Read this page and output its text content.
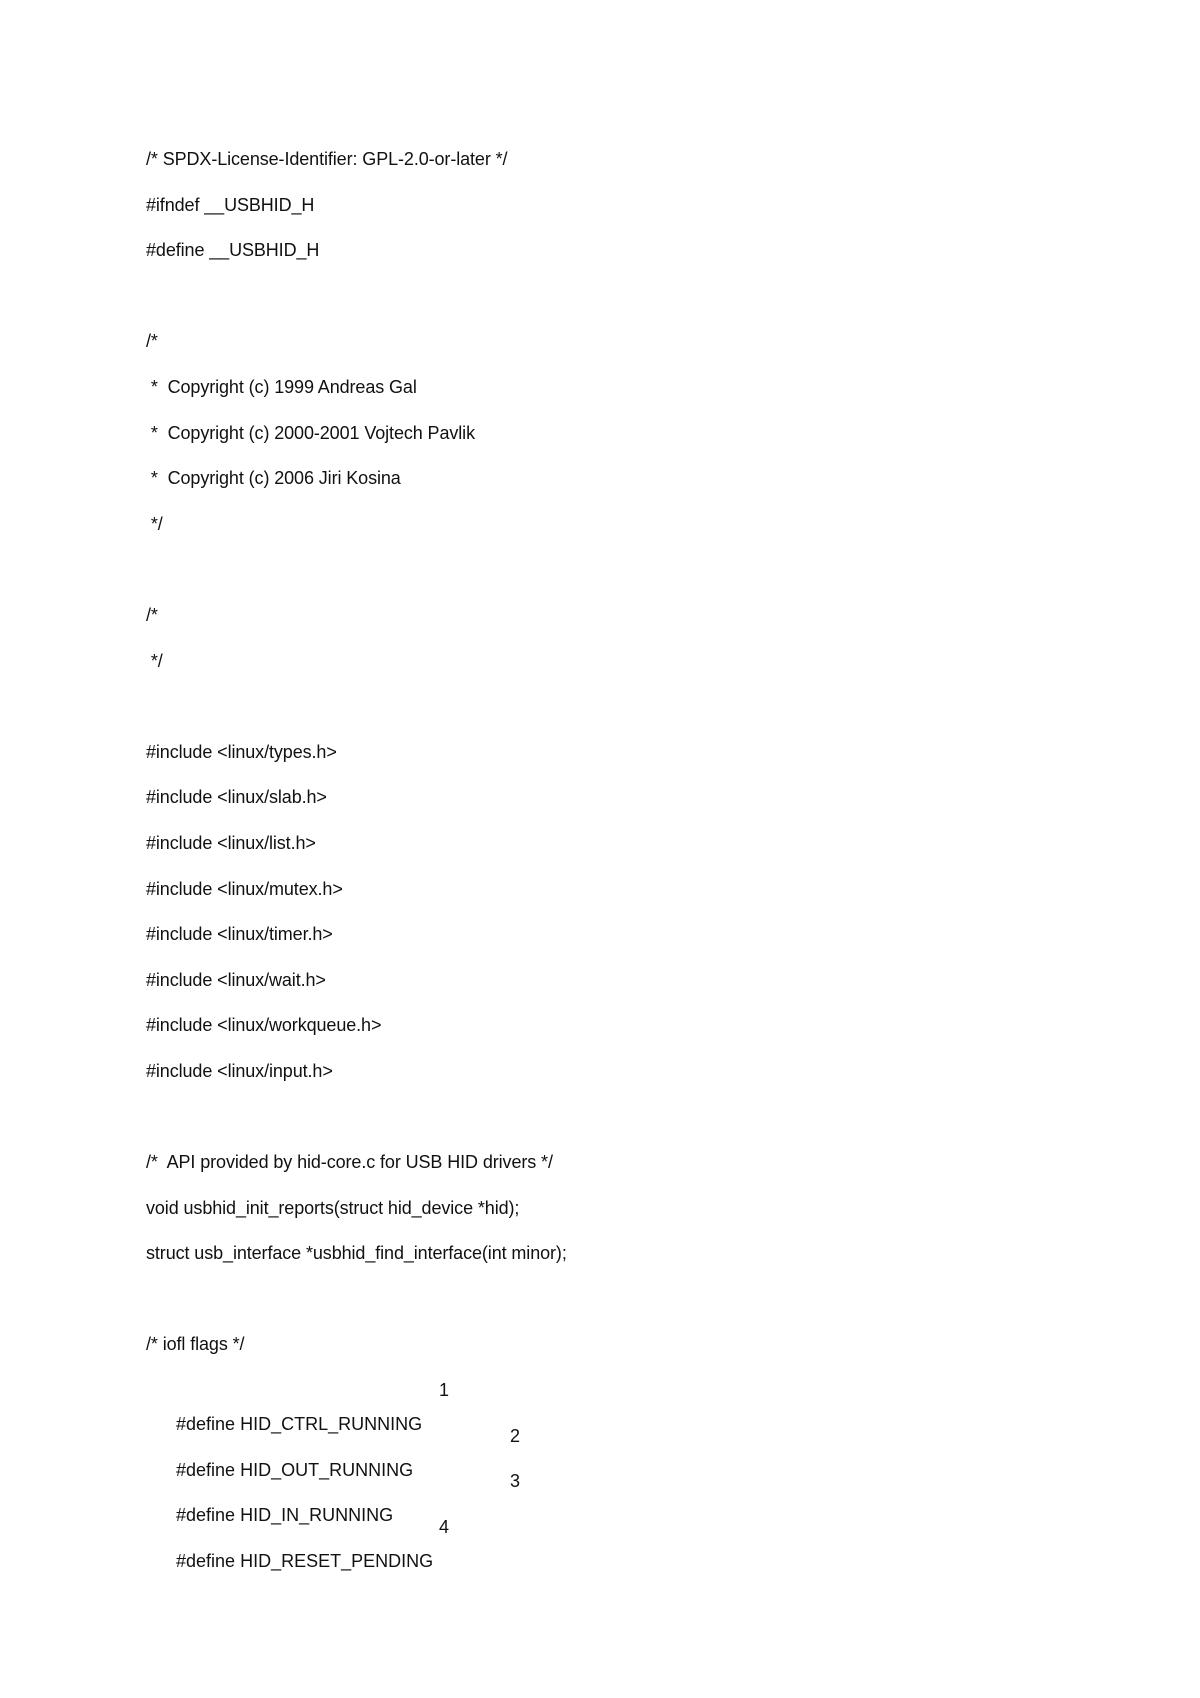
/* SPDX-License-Identifier: GPL-2.0-or-later */
#ifndef __USBHID_H
#define __USBHID_H
/*
*  Copyright (c) 1999 Andreas Gal
*  Copyright (c) 2000-2001 Vojtech Pavlik
*  Copyright (c) 2006 Jiri Kosina
*/
/*
*/
#include <linux/types.h>
#include <linux/slab.h>
#include <linux/list.h>
#include <linux/mutex.h>
#include <linux/timer.h>
#include <linux/wait.h>
#include <linux/workqueue.h>
#include <linux/input.h>
/*  API provided by hid-core.c for USB HID drivers */
void usbhid_init_reports(struct hid_device *hid);
struct usb_interface *usbhid_find_interface(int minor);
/* iofl flags */

#define HID_CTRL_RUNNING

1

#define HID_OUT_RUNNING

2

#define HID_IN_RUNNING

3

#define HID_RESET_PENDING

4
